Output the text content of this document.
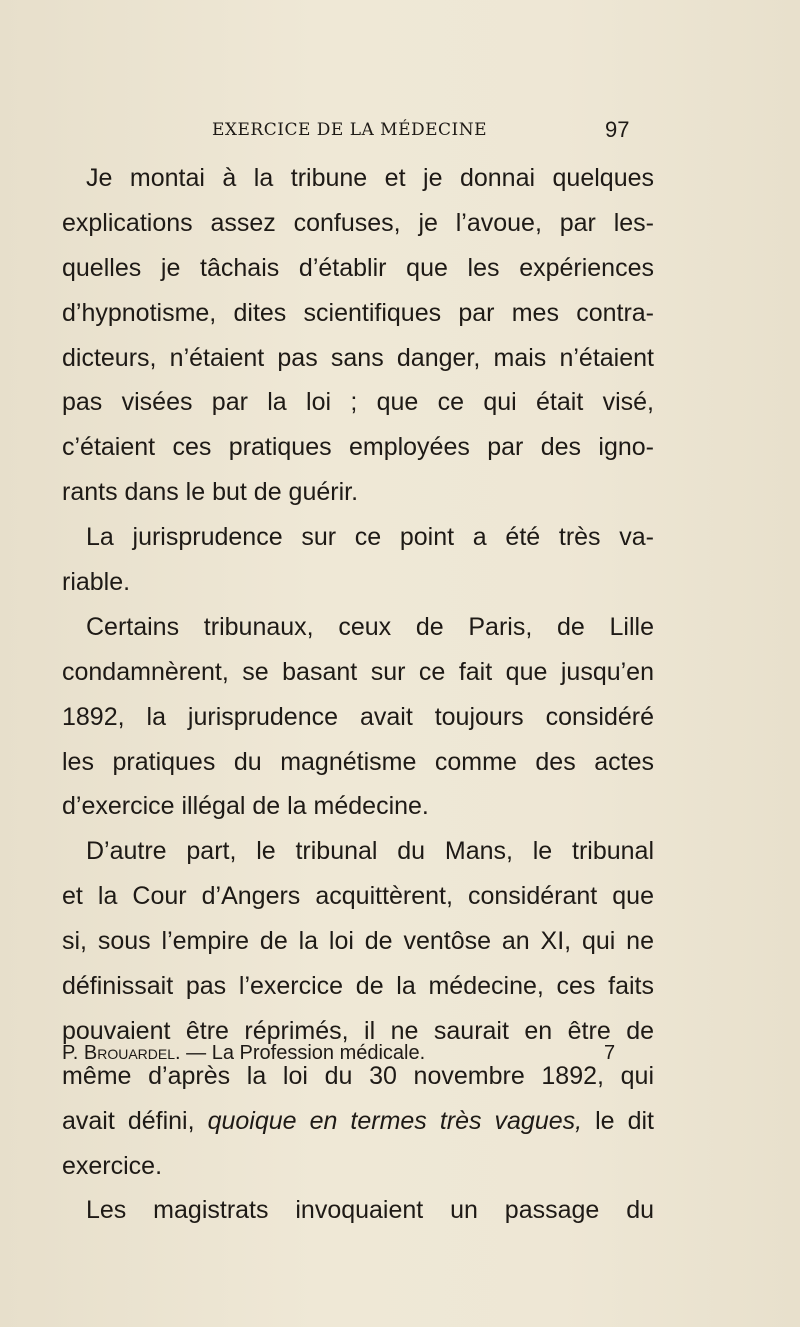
EXERCICE DE LA MÉDECINE	97
Je montai à la tribune et je donnai quelques
explications assez confuses, je l’avoue, par les-
quelles je tâchais d’établir que les expériences
d’hypnotisme, dites scientifiques par mes contra-
dicteurs, n’étaient pas sans danger, mais n’étaient
pas visées par la loi ; que ce qui était visé,
c’étaient ces pratiques employées par des igno-
rants dans le but de guérir.
La jurisprudence sur ce point a été très va-
riable.
Certains tribunaux, ceux de Paris, de Lille
condamnèrent, se basant sur ce fait que jusqu’en
1892, la jurisprudence avait toujours considéré
les pratiques du magnétisme comme des actes
d’exercice illégal de la médecine.
D’autre part, le tribunal du Mans, le tribunal
et la Cour d’Angers acquittèrent, considérant que
si, sous l’empire de la loi de ventôse an XI, qui ne
définissait pas l’exercice de la médecine, ces faits
pouvaient être réprimés, il ne saurait en être de
même d’après la loi du 30 novembre 1892, qui
avait défini, quoique en termes très vagues, le dit
exercice.
Les magistrats invoquaient un passage du
P. Brouardel. — La Profession médicale.	7
